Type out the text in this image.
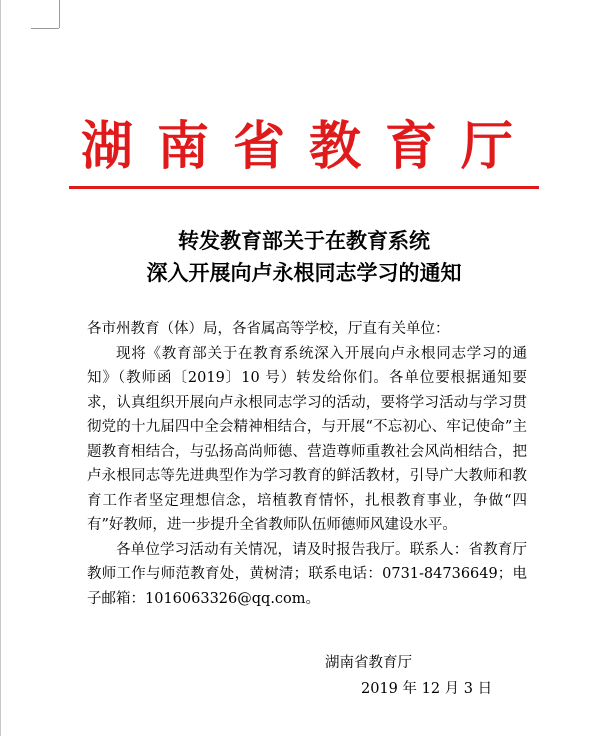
湖南省教育厅
转发教育部关于在教育系统
深入开展向卢永根同志学习的通知

各市州教育（体）局，各省属高等学校，厅直有关单位：

现将《教育部关于在教育系统深入开展向卢永根同志学习的通知》（教师函〔2019〕10 号）转发给你们。各单位要根据通知要求，认真组织开展向卢永根同志学习的活动，要将学习活动与学习贯彻党的十九届四中全会精神相结合，与开展“不忘初心、牢记使命”主题教育相结合，与弘扬高尚师德、营造尊师重教社会风尚相结合，把卢永根同志等先进典型作为学习教育的鲜活教材，引导广大教师和教育工作者坚定理想信念，培植教育情怀，扎根教育事业，争做“四有”好教师，进一步提升全省教师队伍师德师风建设水平。

各单位学习活动有关情况，请及时报告我厅。联系人：省教育厅教师工作与师范教育处，黄树清；联系电话：0731-84736649；电子邮箱：1016063326@qq.com。

湖南省教育厅
2019 年 12 月 3 日
